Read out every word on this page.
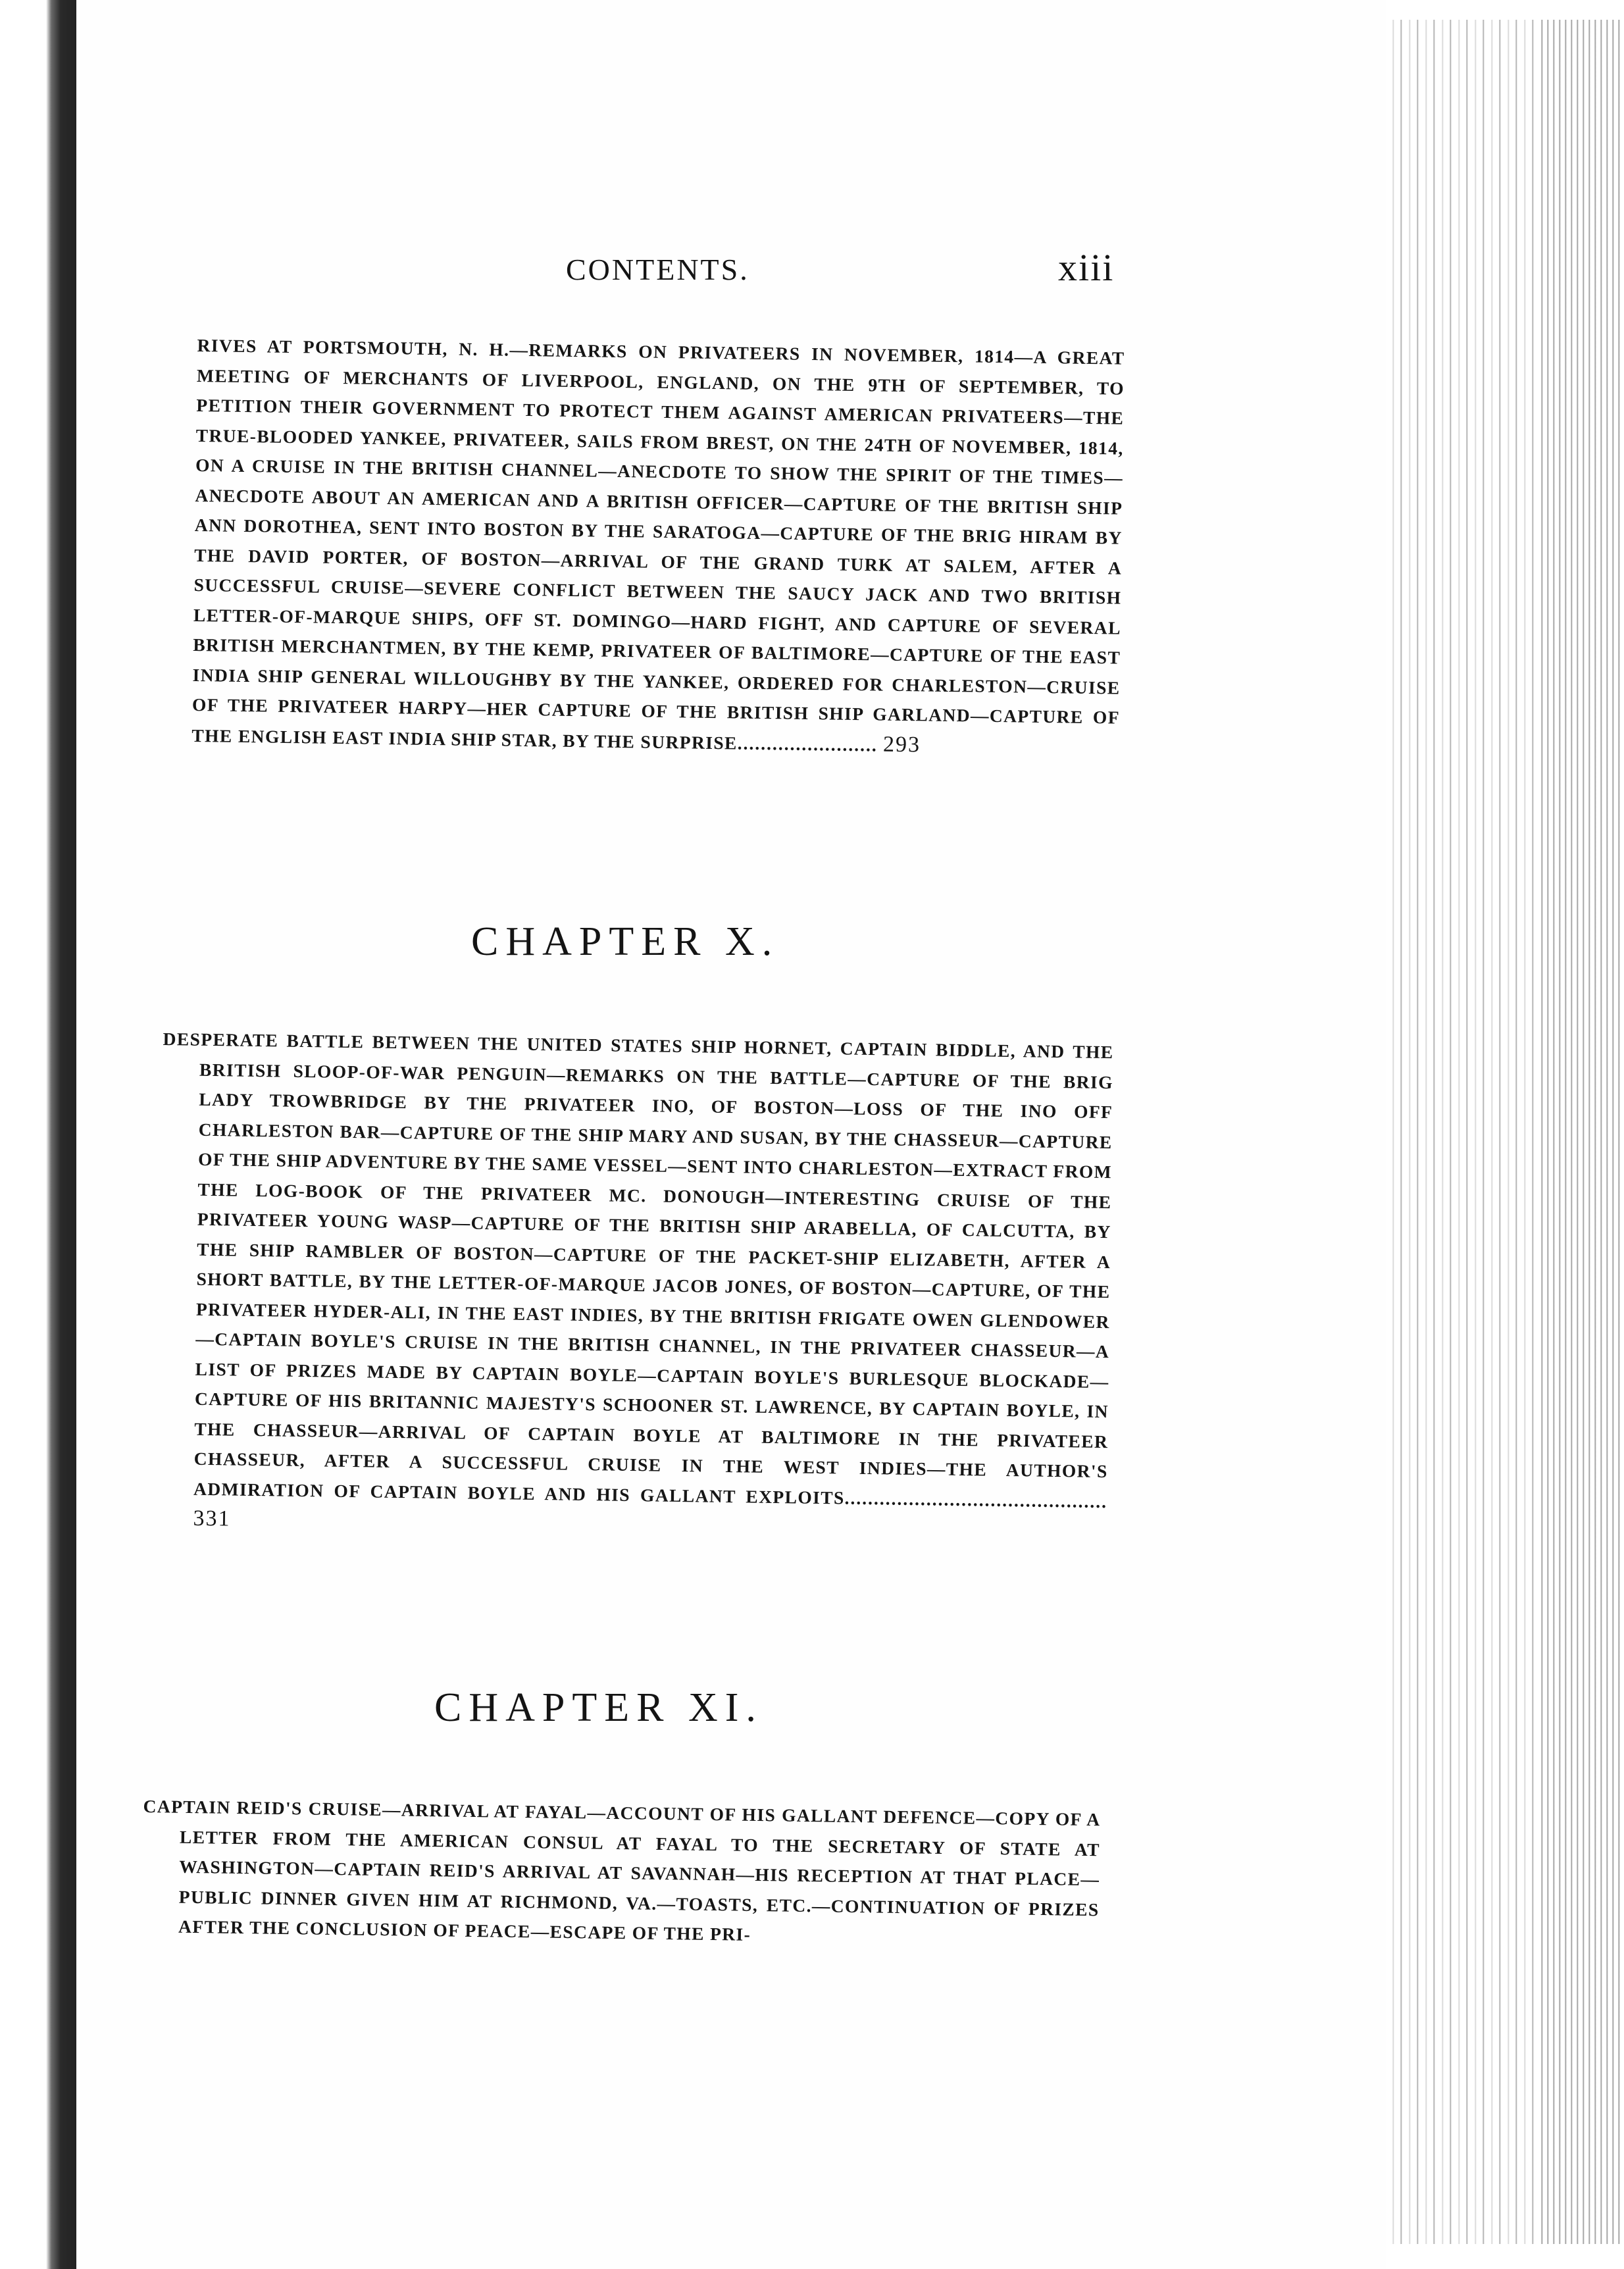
CONTENTS.	xiii

RIVES AT PORTSMOUTH, N. H.—REMARKS ON PRIVATEERS IN NOVEMBER, 1814—A GREAT MEETING OF MERCHANTS OF LIVERPOOL, ENGLAND, ON THE 9TH OF SEPTEMBER, TO PETITION THEIR GOVERNMENT TO PROTECT THEM AGAINST AMERICAN PRIVATEERS—THE TRUE-BLOODED YANKEE, PRIVATEER, SAILS FROM BREST, ON THE 24TH OF NOVEMBER, 1814, ON A CRUISE IN THE BRITISH CHANNEL—ANECDOTE TO SHOW THE SPIRIT OF THE TIMES—ANECDOTE ABOUT AN AMERICAN AND A BRITISH OFFICER—CAPTURE OF THE BRITISH SHIP ANN DOROTHEA, SENT INTO BOSTON BY THE SARATOGA—CAPTURE OF THE BRIG HIRAM BY THE DAVID PORTER, OF BOSTON—ARRIVAL OF THE GRAND TURK AT SALEM, AFTER A SUCCESSFUL CRUISE—SEVERE CONFLICT BETWEEN THE SAUCY JACK AND TWO BRITISH LETTER-OF-MARQUE SHIPS, OFF ST. DOMINGO—HARD FIGHT, AND CAPTURE OF SEVERAL BRITISH MERCHANTMEN, BY THE KEMP, PRIVATEER OF BALTIMORE—CAPTURE OF THE EAST INDIA SHIP GENERAL WILLOUGHBY BY THE YANKEE, ORDERED FOR CHARLESTON—CRUISE OF THE PRIVATEER HARPY—HER CAPTURE OF THE BRITISH SHIP GARLAND—CAPTURE OF THE ENGLISH EAST INDIA SHIP STAR, BY THE SURPRISE........................ 293

CHAPTER X.

DESPERATE BATTLE BETWEEN THE UNITED STATES SHIP HORNET, CAPTAIN BIDDLE, AND THE BRITISH SLOOP-OF-WAR PENGUIN—REMARKS ON THE BATTLE—CAPTURE OF THE BRIG LADY TROWBRIDGE BY THE PRIVATEER INO, OF BOSTON—LOSS OF THE INO OFF CHARLESTON BAR—CAPTURE OF THE SHIP MARY AND SUSAN, BY THE CHASSEUR—CAPTURE OF THE SHIP ADVENTURE BY THE SAME VESSEL—SENT INTO CHARLESTON—EXTRACT FROM THE LOG-BOOK OF THE PRIVATEER MC. DONOUGH—INTERESTING CRUISE OF THE PRIVATEER YOUNG WASP—CAPTURE OF THE BRITISH SHIP ARABELLA, OF CALCUTTA, BY THE SHIP RAMBLER OF BOSTON—CAPTURE OF THE PACKET-SHIP ELIZABETH, AFTER A SHORT BATTLE, BY THE LETTER-OF-MARQUE JACOB JONES, OF BOSTON—CAPTURE, OF THE PRIVATEER HYDER-ALI, IN THE EAST INDIES, BY THE BRITISH FRIGATE OWEN GLENDOWER—CAPTAIN BOYLE'S CRUISE IN THE BRITISH CHANNEL, IN THE PRIVATEER CHASSEUR—A LIST OF PRIZES MADE BY CAPTAIN BOYLE—CAPTAIN BOYLE'S BURLESQUE BLOCKADE—CAPTURE OF HIS BRITANNIC MAJESTY'S SCHOONER ST. LAWRENCE, BY CAPTAIN BOYLE, IN THE CHASSEUR—ARRIVAL OF CAPTAIN BOYLE AT BALTIMORE IN THE PRIVATEER CHASSEUR, AFTER A SUCCESSFUL CRUISE IN THE WEST INDIES—THE AUTHOR'S ADMIRATION OF CAPTAIN BOYLE AND HIS GALLANT EXPLOITS............................................. 331

CHAPTER XI.

CAPTAIN REID'S CRUISE—ARRIVAL AT FAYAL—ACCOUNT OF HIS GALLANT DEFENCE—COPY OF A LETTER FROM THE AMERICAN CONSUL AT FAYAL TO THE SECRETARY OF STATE AT WASHINGTON—CAPTAIN REID'S ARRIVAL AT SAVANNAH—HIS RECEPTION AT THAT PLACE—PUBLIC DINNER GIVEN HIM AT RICHMOND, VA.—TOASTS, ETC.—CONTINUATION OF PRIZES AFTER THE CONCLUSION OF PEACE—ESCAPE OF THE PRI-
